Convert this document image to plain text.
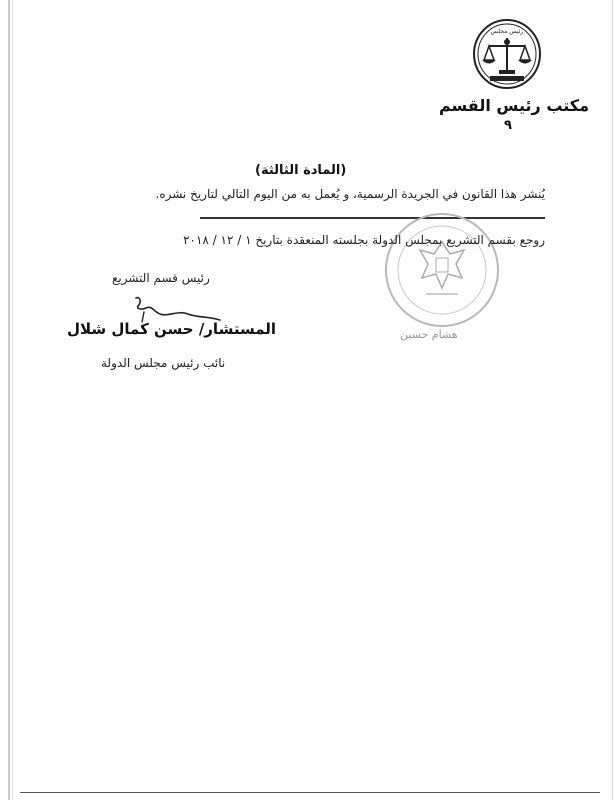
رئيس مجلس
مكتب رئيس القسم
٩
(المادة الثالثة)
يُنشر هذا القانون في الجريدة الرسمية، و يُعمل به من اليوم التالي لتاريخ نشره.
روجع بقسم التشريع بمجلس الدولة بجلسته المنعقدة بتاريخ ١ / ١٢ / ٢٠١٨
هشام حسين
رئيس قسم التشريع
المستشار/ حسن كمال شلال
نائب رئيس مجلس الدولة
